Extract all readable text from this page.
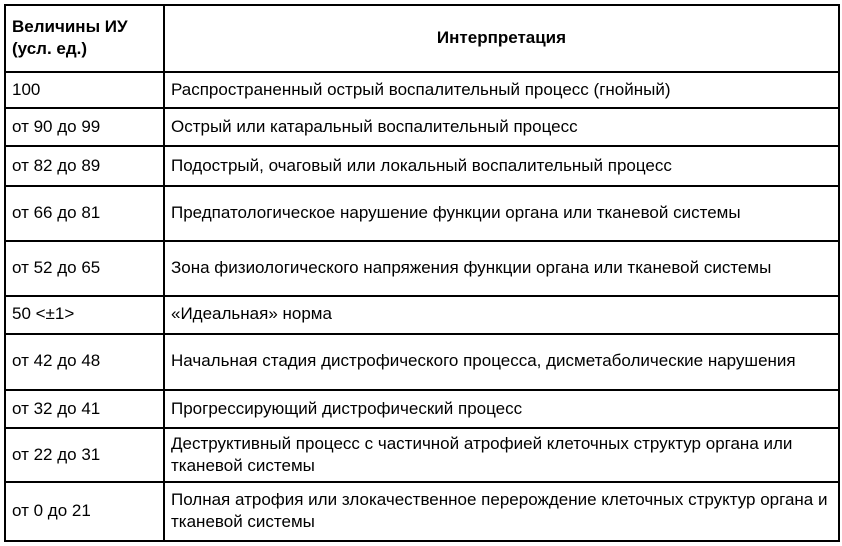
Величины ИУ
(усл. ед.)	Интерпретация
100	Распространенный острый воспалительный процесс (гнойный)
от 90 до 99	Острый или катаральный воспалительный процесс
от 82 до 89	Подострый, очаговый или локальный воспалительный процесс
от 66 до 81	Предпатологическое нарушение функции органа или тканевой системы
от 52 до 65	Зона физиологического напряжения функции органа или тканевой системы
50 <±1>	«Идеальная» норма
от 42 до 48	Начальная стадия дистрофического процесса, дисметаболические нарушения
от 32 до 41	Прогрессирующий дистрофический процесс
от 22 до 31	Деструктивный процесс с частичной атрофией клеточных структур органа или тканевой системы
от 0 до 21	Полная атрофия или злокачественное перерождение клеточных структур органа и тканевой системы
